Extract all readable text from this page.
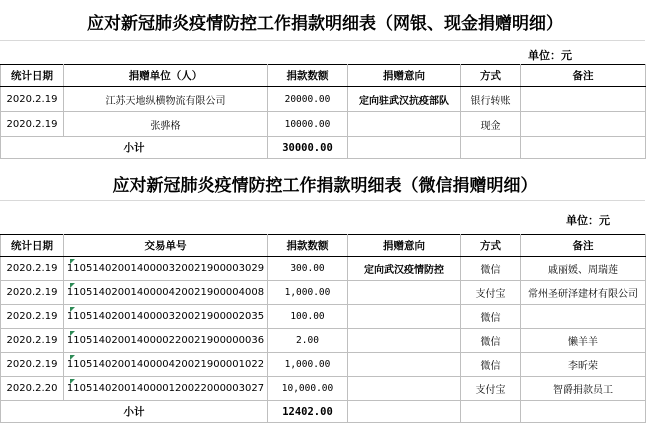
应对新冠肺炎疫情防控工作捐款明细表（网银、现金捐赠明细）
单位：元
统计日期	捐赠单位（人）	捐款数额	捐赠意向	方式	备注
2020.2.19	江苏天地纵横物流有限公司	20000.00	定向驻武汉抗疫部队	银行转账	
2020.2.19	张骅格	10000.00		现金	
小计		30000.00			
应对新冠肺炎疫情防控工作捐款明细表（微信捐赠明细）
单位：元
统计日期	交易单号	捐款数额	捐赠意向	方式	备注
2020.2.19	1105140200140000320021900003029	300.00	定向武汉疫情防控	微信	戚丽媛、周瑞莲
2020.2.19	1105140200140000420021900004008	1,000.00		支付宝	常州圣研泽建材有限公司
2020.2.19	1105140200140000320021900002035	100.00		微信	
2020.2.19	1105140200140000220021900000036	2.00		微信	懒羊羊
2020.2.19	1105140200140000420021900001022	1,000.00		微信	李昕荣
2020.2.20	1105140200140000120022000003027	10,000.00		支付宝	智爵捐款员工
小计		12402.00			
